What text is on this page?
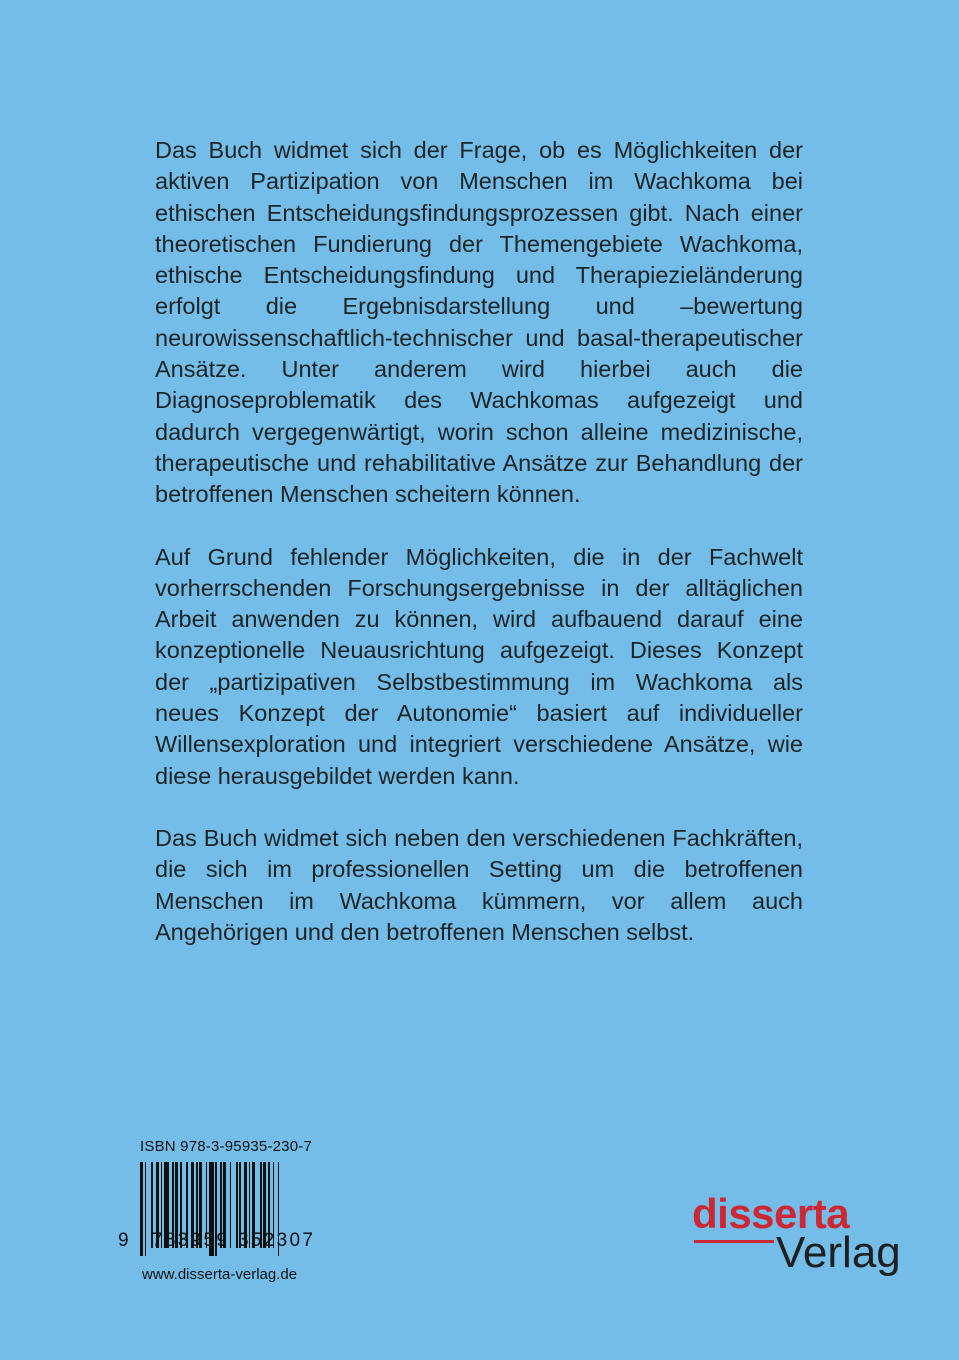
Das Buch widmet sich der Frage, ob es Möglichkeiten der aktiven Partizipation von Menschen im Wachkoma bei ethischen Entscheidungsfindungsprozessen gibt. Nach einer theoretischen Fundierung der Themengebiete Wachkoma, ethische Entscheidungsfindung und Therapiezieländerung erfolgt die Ergebnisdarstellung und –bewertung neurowissenschaftlich-technischer und basal-therapeutischer Ansätze. Unter anderem wird hierbei auch die Diagnoseproblematik des Wachkomas aufgezeigt und dadurch vergegenwärtigt, worin schon alleine medizinische, therapeutische und rehabilitative Ansätze zur Behandlung der betroffenen Menschen scheitern können.

Auf Grund fehlender Möglichkeiten, die in der Fachwelt vorherrschenden Forschungsergebnisse in der alltäglichen Arbeit anwenden zu können, wird aufbauend darauf eine konzeptionelle Neuausrichtung aufgezeigt. Dieses Konzept der „partizipativen Selbstbestimmung im Wachkoma als neues Konzept der Autonomie“ basiert auf individueller Willensexploration und integriert verschiedene Ansätze, wie diese herausgebildet werden kann.

Das Buch widmet sich neben den verschiedenen Fachkräften, die sich im professionellen Setting um die betroffenen Menschen im Wachkoma kümmern, vor allem auch Angehörigen und den betroffenen Menschen selbst.

ISBN 978-3-95935-230-7
9 783959 352307
www.disserta-verlag.de
disserta
Verlag
